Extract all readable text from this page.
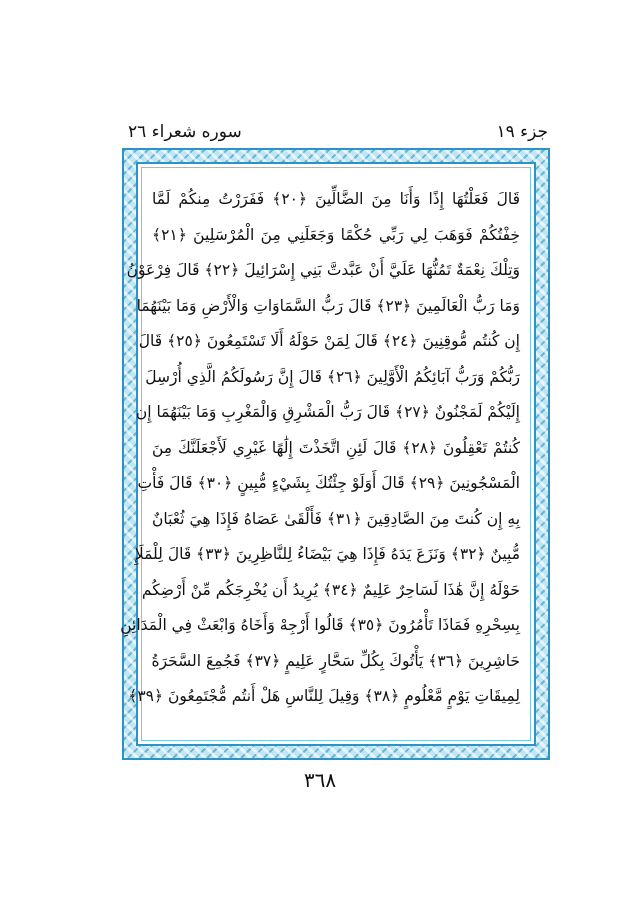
جزء ١٩
سوره شعراء ٢٦
قَالَ فَعَلْتُهَا إِذًا وَأَنَا مِنَ الضَّالِّينَ ﴿٢٠﴾ فَفَرَرْتُ مِنكُمْ لَمَّا
خِفْتُكُمْ فَوَهَبَ لِي رَبِّي حُكْمًا وَجَعَلَنِي مِنَ الْمُرْسَلِينَ ﴿٢١﴾
وَتِلْكَ نِعْمَةٌ تَمُنُّهَا عَلَيَّ أَنْ عَبَّدتَّ بَنِي إِسْرَائِيلَ ﴿٢٢﴾ قَالَ فِرْعَوْنُ
وَمَا رَبُّ الْعَالَمِينَ ﴿٢٣﴾ قَالَ رَبُّ السَّمَاوَاتِ وَالْأَرْضِ وَمَا بَيْنَهُمَا
إِن كُنتُم مُّوقِنِينَ ﴿٢٤﴾ قَالَ لِمَنْ حَوْلَهُ أَلَا تَسْتَمِعُونَ ﴿٢٥﴾ قَالَ
رَبُّكُمْ وَرَبُّ آبَائِكُمُ الْأَوَّلِينَ ﴿٢٦﴾ قَالَ إِنَّ رَسُولَكُمُ الَّذِي أُرْسِلَ
إِلَيْكُمْ لَمَجْنُونٌ ﴿٢٧﴾ قَالَ رَبُّ الْمَشْرِقِ وَالْمَغْرِبِ وَمَا بَيْنَهُمَا إِن
كُنتُمْ تَعْقِلُونَ ﴿٢٨﴾ قَالَ لَئِنِ اتَّخَذْتَ إِلَٰهًا غَيْرِي لَأَجْعَلَنَّكَ مِنَ
الْمَسْجُونِينَ ﴿٢٩﴾ قَالَ أَوَلَوْ جِئْتُكَ بِشَيْءٍ مُّبِينٍ ﴿٣٠﴾ قَالَ فَأْتِ
بِهِ إِن كُنتَ مِنَ الصَّادِقِينَ ﴿٣١﴾ فَأَلْقَىٰ عَصَاهُ فَإِذَا هِيَ ثُعْبَانٌ
مُّبِينٌ ﴿٣٢﴾ وَنَزَعَ يَدَهُ فَإِذَا هِيَ بَيْضَاءُ لِلنَّاظِرِينَ ﴿٣٣﴾ قَالَ لِلْمَلَإِ
حَوْلَهُ إِنَّ هَٰذَا لَسَاحِرٌ عَلِيمٌ ﴿٣٤﴾ يُرِيدُ أَن يُخْرِجَكُم مِّنْ أَرْضِكُم
بِسِحْرِهِ فَمَاذَا تَأْمُرُونَ ﴿٣٥﴾ قَالُوا أَرْجِهْ وَأَخَاهُ وَابْعَثْ فِي الْمَدَائِنِ
حَاشِرِينَ ﴿٣٦﴾ يَأْتُوكَ بِكُلِّ سَحَّارٍ عَلِيمٍ ﴿٣٧﴾ فَجُمِعَ السَّحَرَةُ
لِمِيقَاتِ يَوْمٍ مَّعْلُومٍ ﴿٣٨﴾ وَقِيلَ لِلنَّاسِ هَلْ أَنتُم مُّجْتَمِعُونَ ﴿٣٩﴾
٣٦٨
